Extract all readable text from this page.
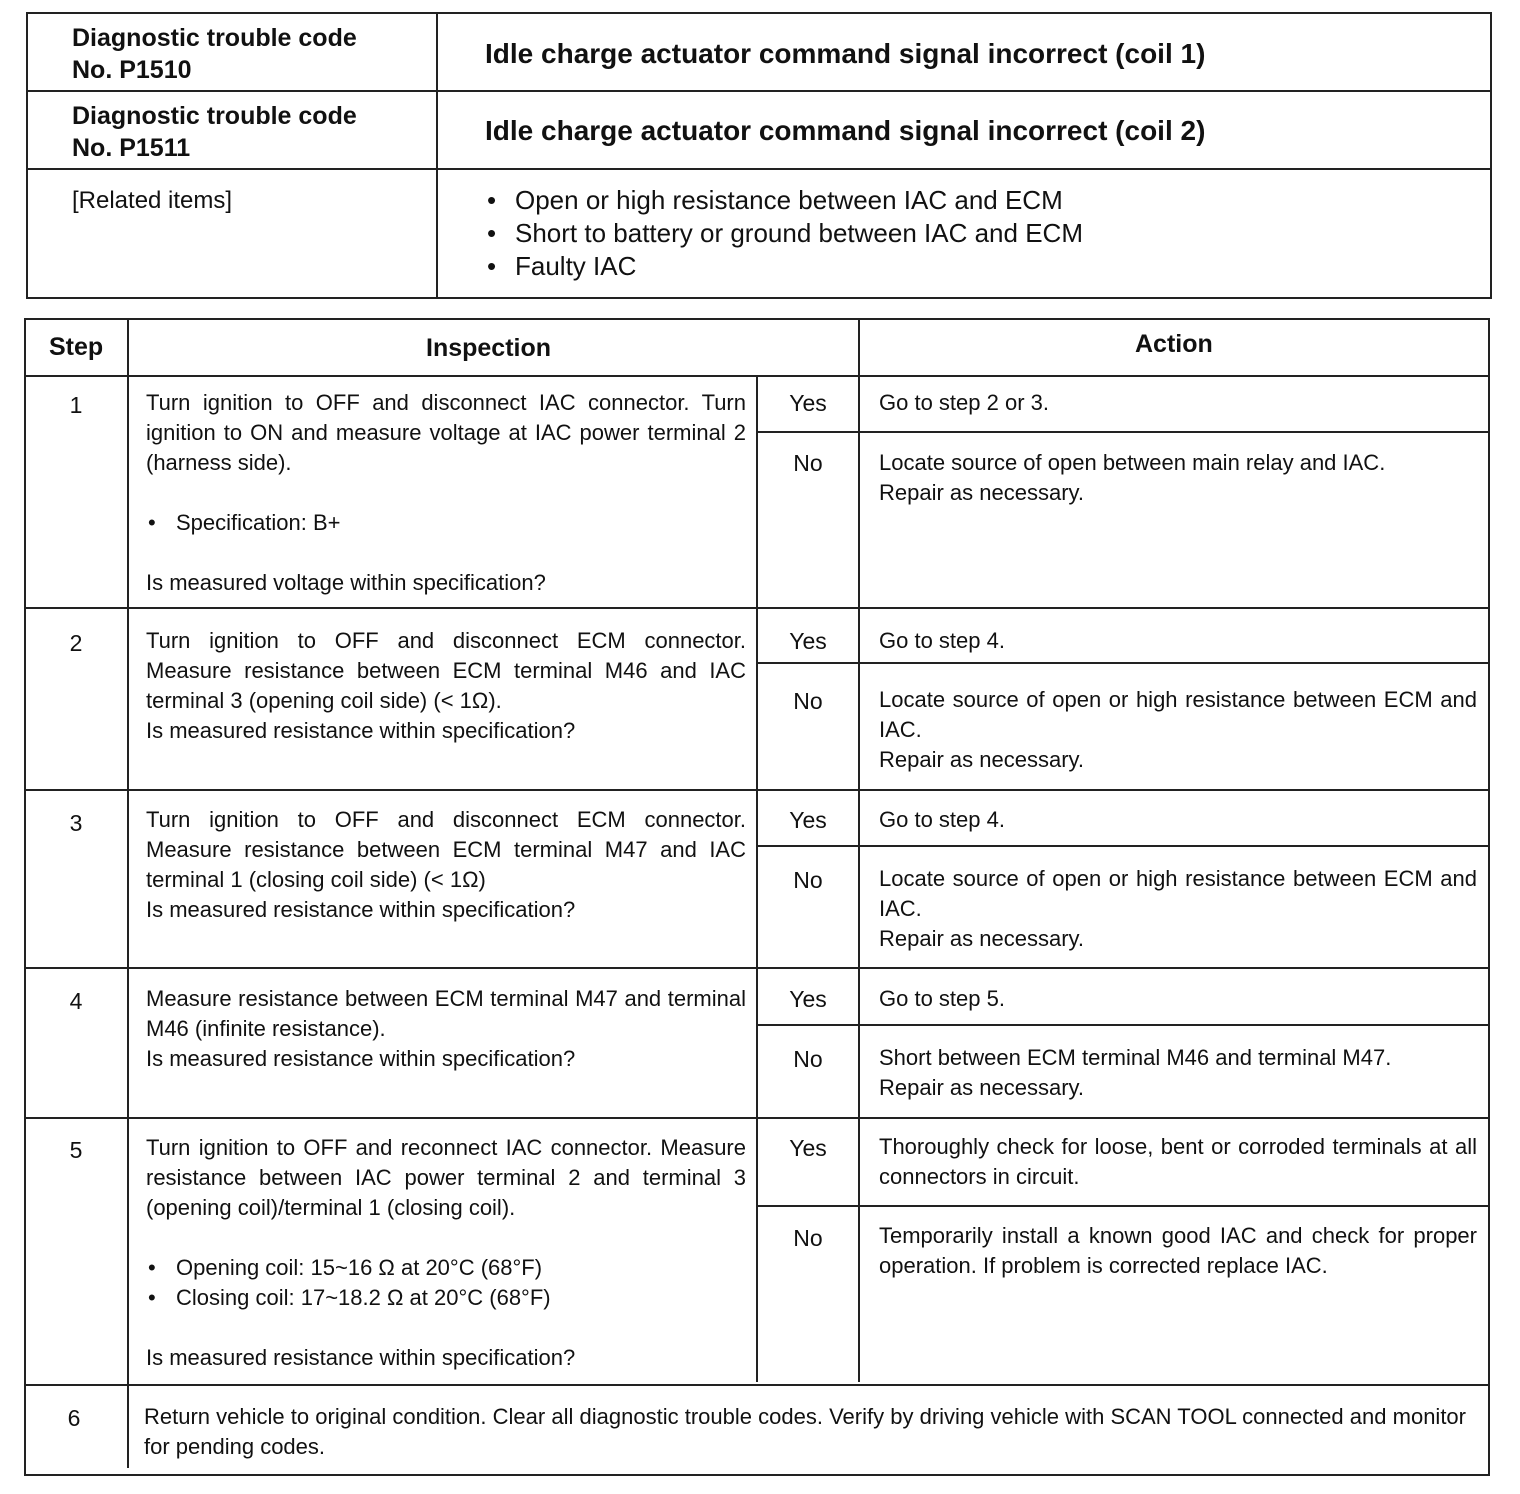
Diagnostic trouble code
No. P1510
Idle charge actuator command signal incorrect (coil 1)
Diagnostic trouble code
No. P1511
Idle charge actuator command signal incorrect (coil 2)
[Related items]
•	Open or high resistance between IAC and ECM
• Short to battery or ground between IAC and ECM
• Faulty IAC
Step	Inspection	Action
1	Turn ignition to OFF and disconnect IAC connector. Turn ignition to ON and measure voltage at IAC power terminal 2 (harness side).

• Specification: B+

Is measured voltage within specification?

Yes	Go to step 2 or 3.

No	Locate source of open between main relay and IAC.

Repair as necessary.

2	Turn ignition to OFF and disconnect ECM connector. Measure resistance between ECM terminal M46 and IAC terminal 3 (opening coil side) (< 1Ω).

Is measured resistance within specification?

Yes	Go to step 4.

No	Locate source of open or high resistance between ECM and IAC.

Repair as necessary.

3	Turn ignition to OFF and disconnect ECM connector. Measure resistance between ECM terminal M47 and IAC terminal 1 (closing coil side) (< 1Ω)

Is measured resistance within specification?

Yes	Go to step 4.

No	Locate source of open or high resistance between ECM and IAC.

Repair as necessary.

4	Measure resistance between ECM terminal M47 and terminal M46 (infinite resistance).

Is measured resistance within specification?

Yes	Go to step 5.

No	Short between ECM terminal M46 and terminal M47.

Repair as necessary.

5	Turn ignition to OFF and reconnect IAC connector. Measure resistance between IAC power terminal 2 and terminal 3 (opening coil)/terminal 1 (closing coil).

• Opening coil: 15~16 Ω at 20°C (68°F)
• Closing coil: 17~18.2 Ω at 20°C (68°F)

Is measured resistance within specification?

Yes	Thoroughly check for loose, bent or corroded terminals at all connectors in circuit.

No	Temporarily install a known good IAC and check for proper operation. If problem is corrected replace IAC.

6	Return vehicle to original condition. Clear all diagnostic trouble codes. Verify by driving vehicle with SCAN TOOL connected and monitor for pending codes.
